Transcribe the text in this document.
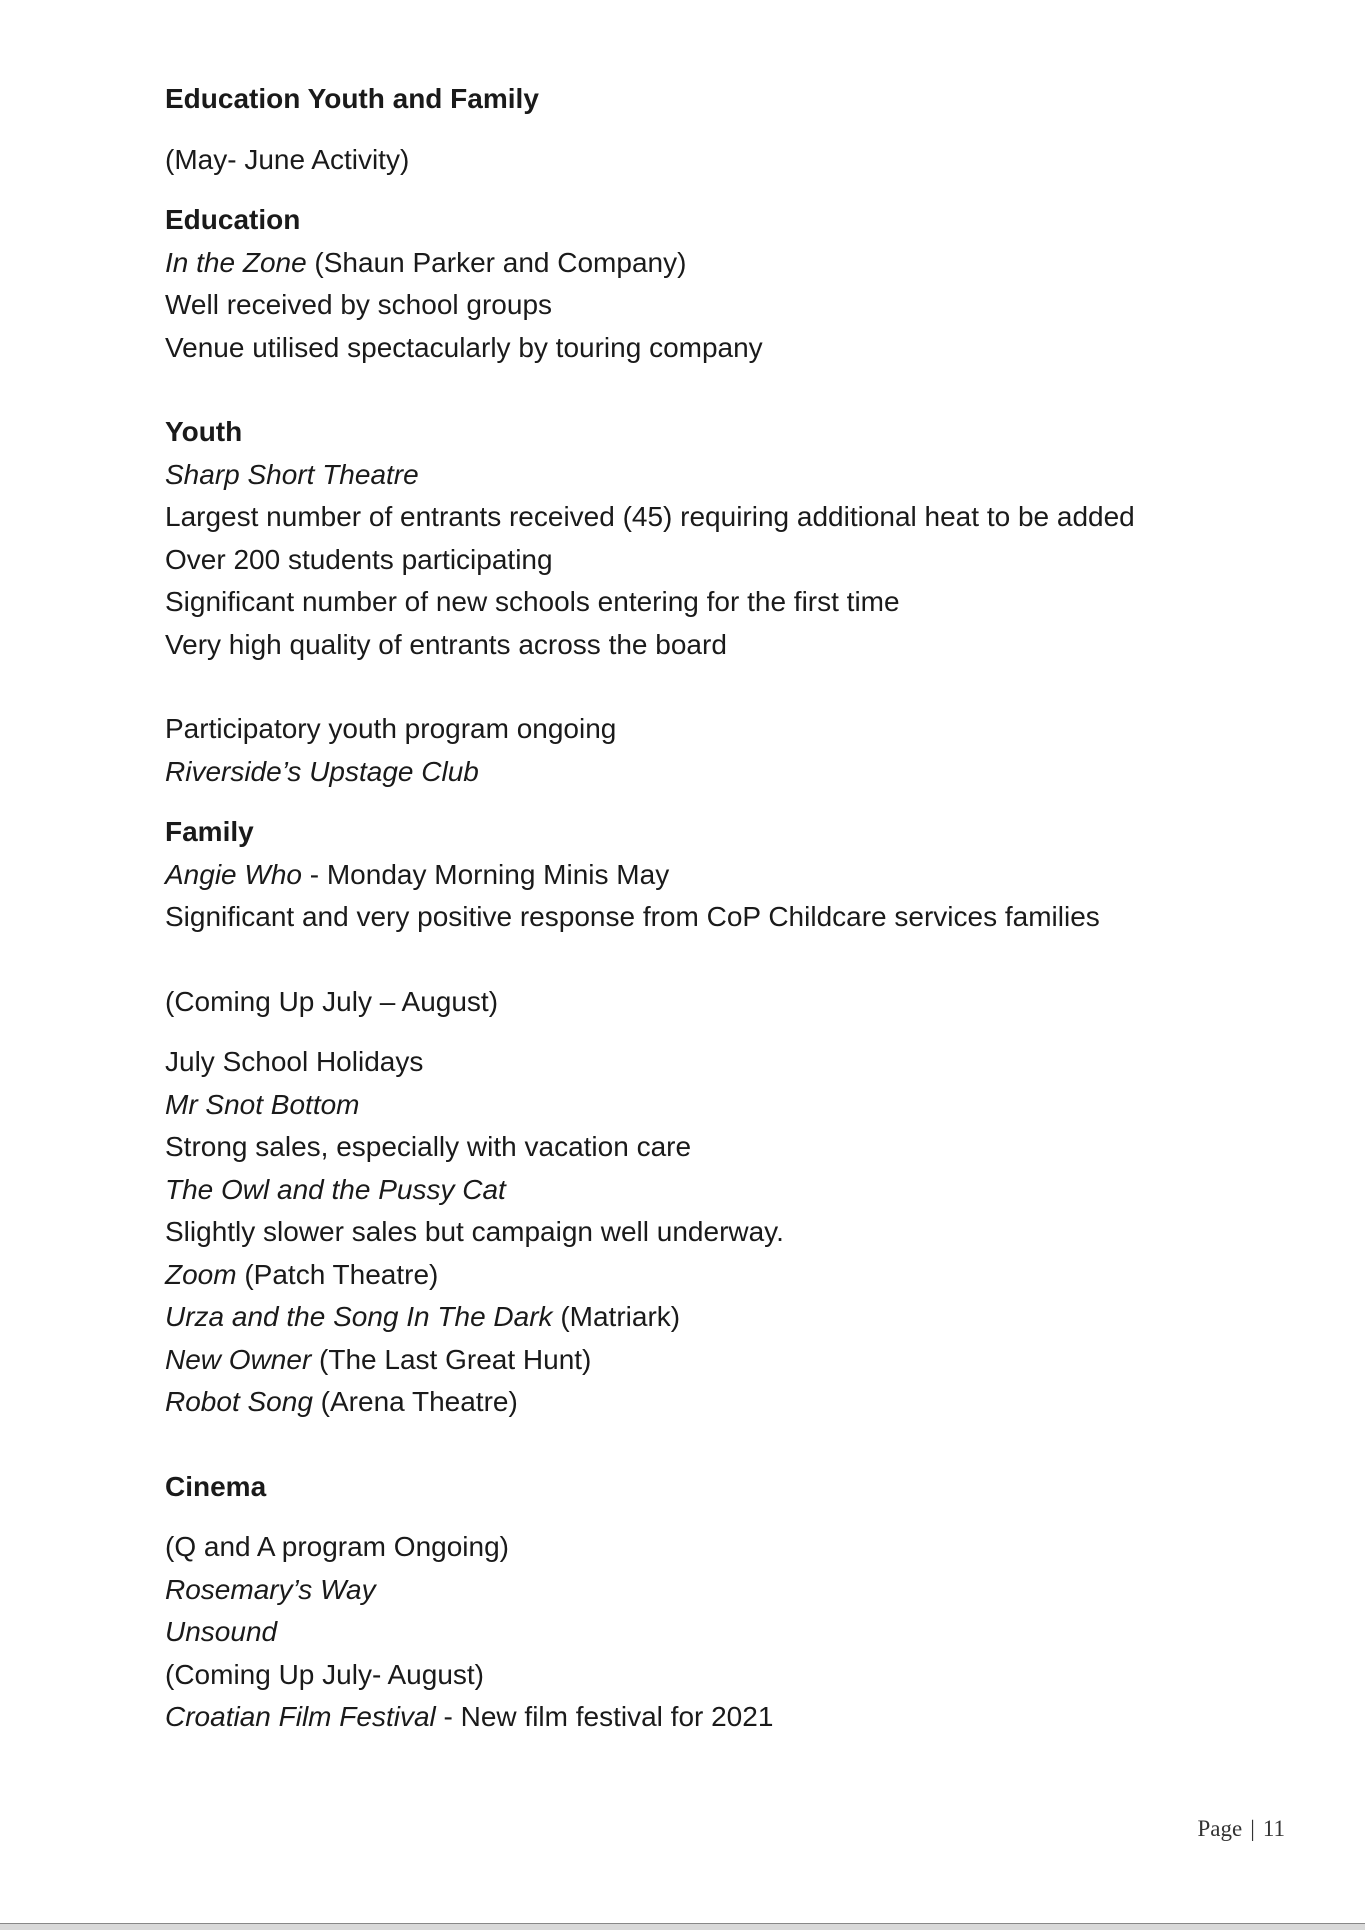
Education Youth and Family
(May- June Activity)
Education
In the Zone (Shaun Parker and Company)
Well received by school groups
Venue utilised spectacularly by touring company
Youth
Sharp Short Theatre
Largest number of entrants received (45) requiring additional heat to be added
Over 200 students participating
Significant number of new schools entering for the first time
Very high quality of entrants across the board
Participatory youth program ongoing
Riverside’s Upstage Club
Family
Angie Who - Monday Morning Minis May
Significant and very positive response from CoP Childcare services families
(Coming Up July – August)
July School Holidays
Mr Snot Bottom
Strong sales, especially with vacation care
The Owl and the Pussy Cat
Slightly slower sales but campaign well underway.
Zoom (Patch Theatre)
Urza and the Song In The Dark (Matriark)
New Owner (The Last Great Hunt)
Robot Song (Arena Theatre)
Cinema
(Q and A program Ongoing)
Rosemary’s Way
Unsound
(Coming Up July- August)
Croatian Film Festival - New film festival for 2021
Page | 11
